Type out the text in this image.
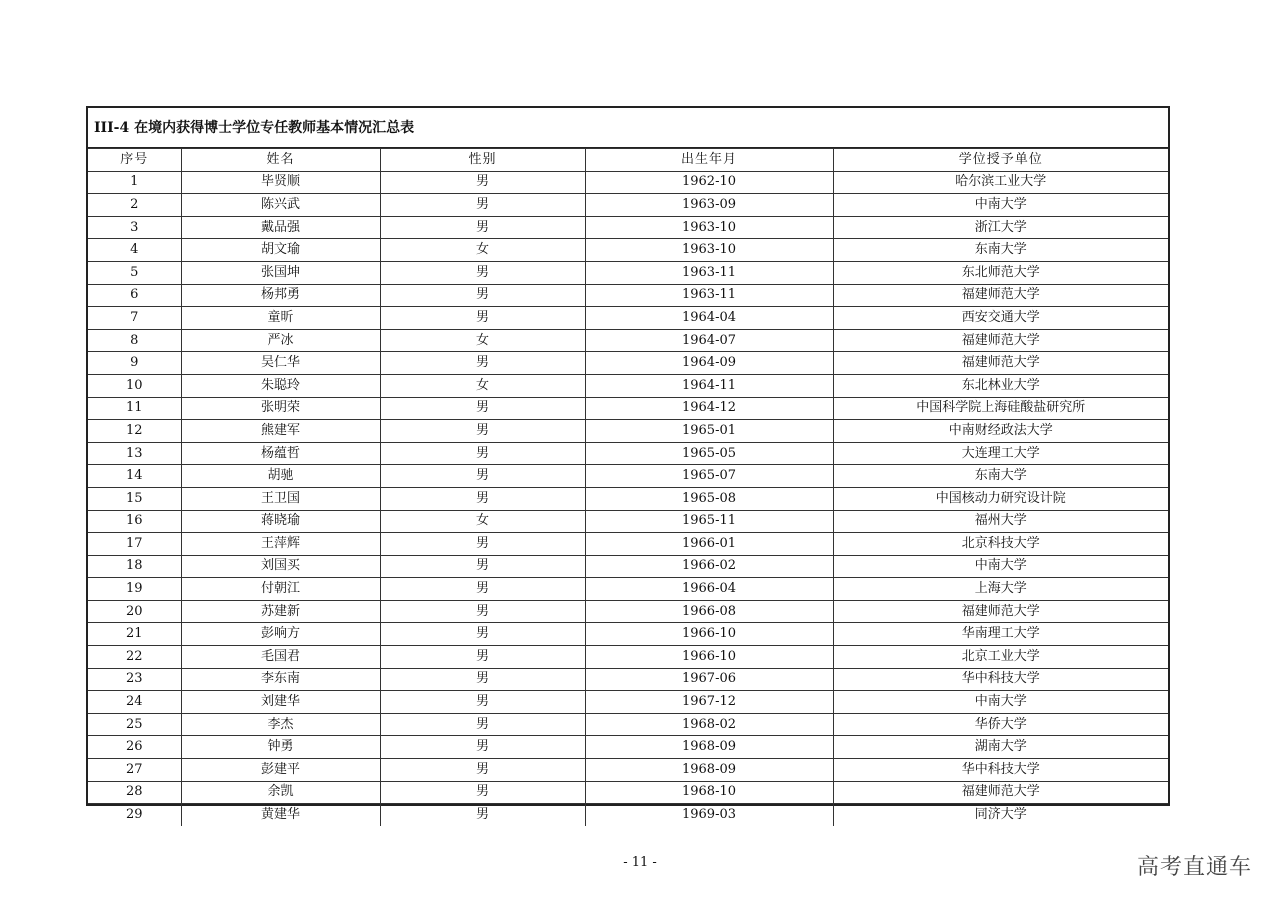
III-4 在境内获得博士学位专任教师基本情况汇总表
序号	姓名	性别	出生年月	学位授予单位
1	毕贤顺	男	1962-10	哈尔滨工业大学
2	陈兴武	男	1963-09	中南大学
3	戴品强	男	1963-10	浙江大学
4	胡文瑜	女	1963-10	东南大学
5	张国坤	男	1963-11	东北师范大学
6	杨邦勇	男	1963-11	福建师范大学
7	童昕	男	1964-04	西安交通大学
8	严冰	女	1964-07	福建师范大学
9	吴仁华	男	1964-09	福建师范大学
10	朱聪玲	女	1964-11	东北林业大学
11	张明荣	男	1964-12	中国科学院上海硅酸盐研究所
12	熊建军	男	1965-01	中南财经政法大学
13	杨蕴哲	男	1965-05	大连理工大学
14	胡驰	男	1965-07	东南大学
15	王卫国	男	1965-08	中国核动力研究设计院
16	蒋晓瑜	女	1965-11	福州大学
17	王萍辉	男	1966-01	北京科技大学
18	刘国买	男	1966-02	中南大学
19	付朝江	男	1966-04	上海大学
20	苏建新	男	1966-08	福建师范大学
21	彭响方	男	1966-10	华南理工大学
22	毛国君	男	1966-10	北京工业大学
23	李东南	男	1967-06	华中科技大学
24	刘建华	男	1967-12	中南大学
25	李杰	男	1968-02	华侨大学
26	钟勇	男	1968-09	湖南大学
27	彭建平	男	1968-09	华中科技大学
28	余凯	男	1968-10	福建师范大学
29	黄建华	男	1969-03	同济大学
- 11 -	高考直通车
